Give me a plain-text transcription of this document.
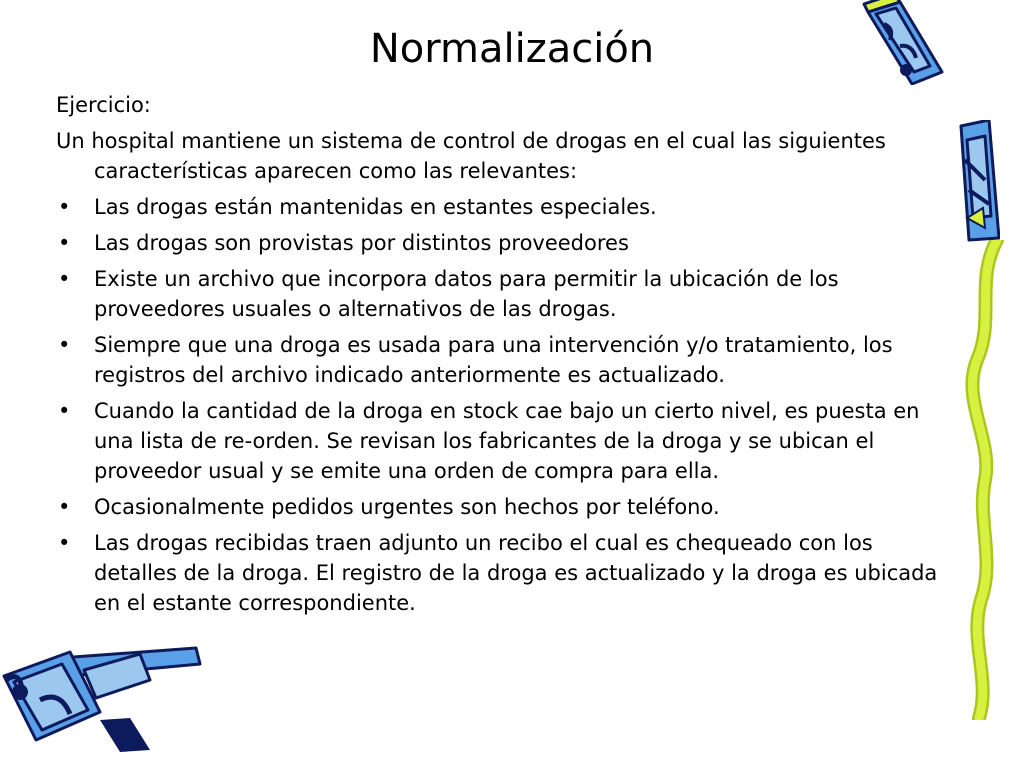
Normalización

Ejercicio:

Un hospital mantiene un sistema de control de drogas en el cual las siguientes características aparecen como las relevantes:

• Las drogas están mantenidas en estantes especiales.
• Las drogas son provistas por distintos proveedores
• Existe un archivo que incorpora datos para permitir la ubicación de los proveedores usuales o alternativos de las drogas.
• Siempre que una droga es usada para una intervención y/o tratamiento, los registros del archivo indicado anteriormente es actualizado.
• Cuando la cantidad de la droga en stock cae bajo un cierto nivel, es puesta en una lista de re-orden. Se revisan los fabricantes de la droga y se ubican el proveedor usual y se emite una orden de compra para ella.
• Ocasionalmente pedidos urgentes son hechos por teléfono.
• Las drogas recibidas traen adjunto un recibo el cual es chequeado con los detalles de la droga. El registro de la droga es actualizado y la droga es ubicada en el estante correspondiente.
